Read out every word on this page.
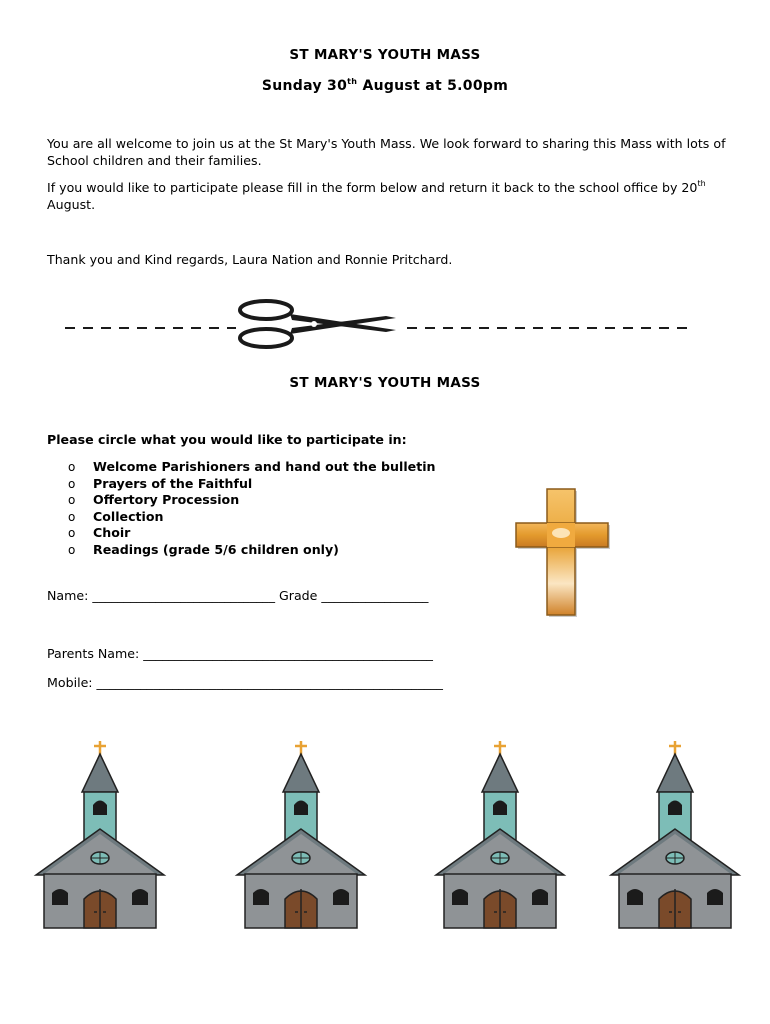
ST MARY'S YOUTH MASS
Sunday 30th August at 5.00pm
You are all welcome to join us at the St Mary's Youth Mass. We look forward to sharing this Mass with lots of School children and their families.
If you would like to participate please fill in the form below and return it back to the school office by 20th
August.
Thank you and Kind regards, Laura Nation and Ronnie Pritchard.
ST MARY'S YOUTH MASS
Please circle what you would like to participate in:
o	Welcome Parishioners and hand out the bulletin
o	Prayers of the Faithful
o	Offertory Procession
o	Collection
o	Choir
o	Readings (grade 5/6 children only)
Name: _____________________________ Grade _________________
Parents Name: ______________________________________________
Mobile: _______________________________________________________
